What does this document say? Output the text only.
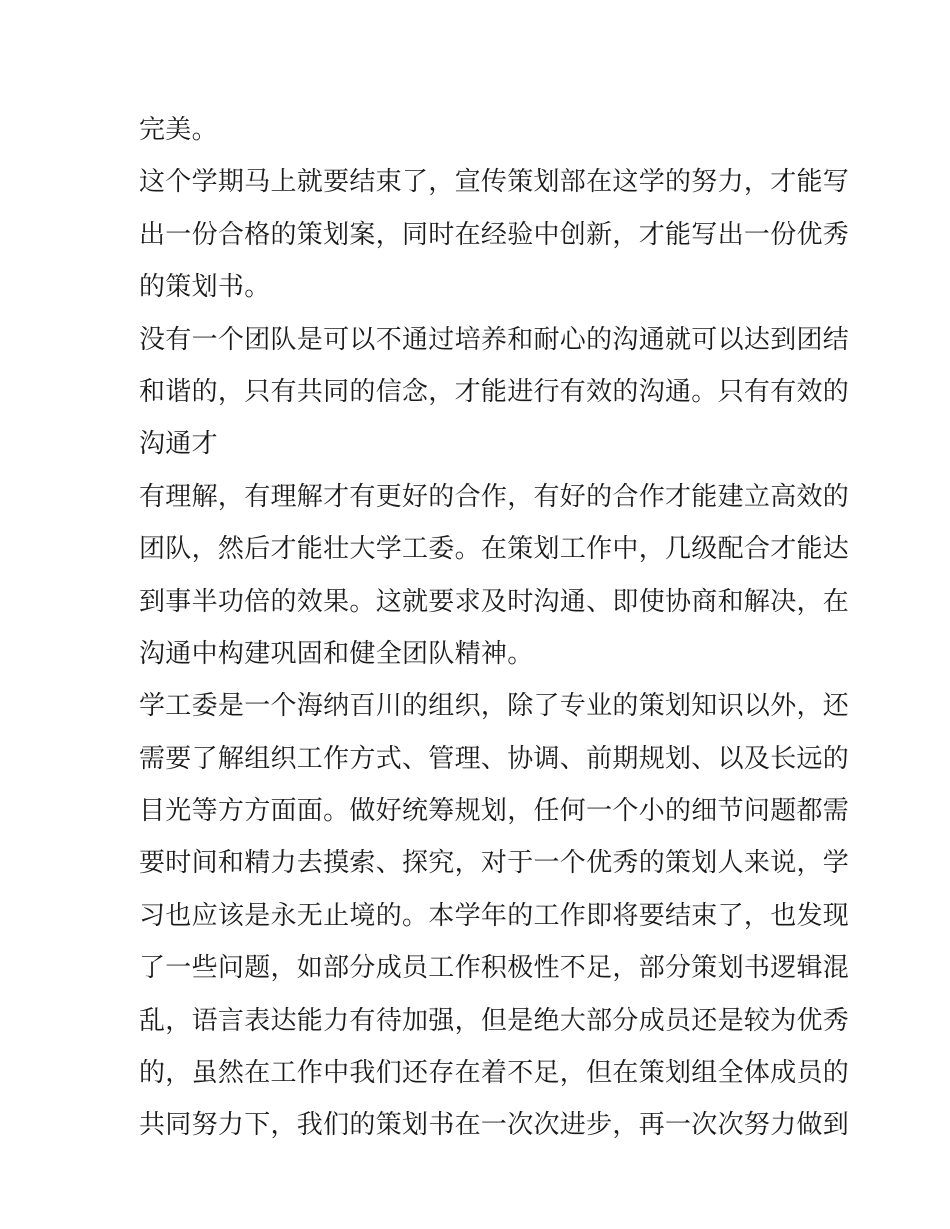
完美。
这个学期马上就要结束了，宣传策划部在这学的努力，才能写
出一份合格的策划案，同时在经验中创新，才能写出一份优秀
的策划书。
没有一个团队是可以不通过培养和耐心的沟通就可以达到团结
和谐的，只有共同的信念，才能进行有效的沟通。只有有效的
沟通才
有理解，有理解才有更好的合作，有好的合作才能建立高效的
团队，然后才能壮大学工委。在策划工作中，几级配合才能达
到事半功倍的效果。这就要求及时沟通、即使协商和解决，在
沟通中构建巩固和健全团队精神。
学工委是一个海纳百川的组织，除了专业的策划知识以外，还
需要了解组织工作方式、管理、协调、前期规划、以及长远的
目光等方方面面。做好统筹规划，任何一个小的细节问题都需
要时间和精力去摸索、探究，对于一个优秀的策划人来说，学
习也应该是永无止境的。本学年的工作即将要结束了，也发现
了一些问题，如部分成员工作积极性不足，部分策划书逻辑混
乱，语言表达能力有待加强，但是绝大部分成员还是较为优秀
的，虽然在工作中我们还存在着不足，但在策划组全体成员的
共同努力下，我们的策划书在一次次进步，再一次次努力做到
